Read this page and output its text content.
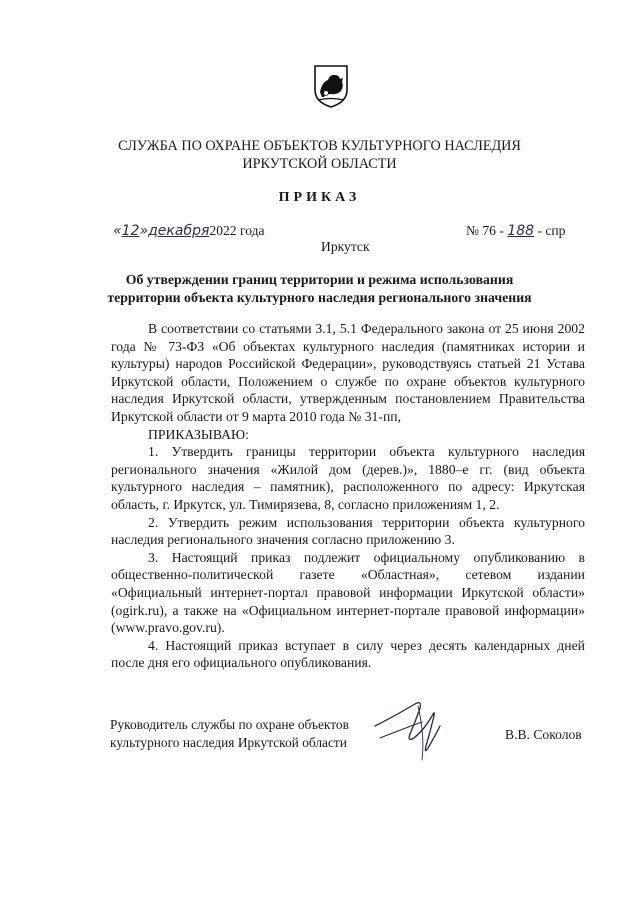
СЛУЖБА ПО ОХРАНЕ ОБЪЕКТОВ КУЛЬТУРНОГО НАСЛЕДИЯ
ИРКУТСКОЙ ОБЛАСТИ
ПРИКАЗ
«12»декабря2022 года	№ 76 - 188 - спр
Иркутск
Об утверждении границ территории и режима использования
территории объекта культурного наследия регионального значения

В соответствии со статьями 3.1, 5.1 Федерального закона от 25 июня 2002 года № 73-ФЗ «Об объектах культурного наследия (памятниках истории и культуры) народов Российской Федерации», руководствуясь статьей 21 Устава Иркутской области, Положением о службе по охране объектов культурного наследия Иркутской области, утвержденным постановлением Правительства Иркутской области от 9 марта 2010 года № 31-пп,

ПРИКАЗЫВАЮ:

1. Утвердить границы территории объекта культурного наследия регионального значения «Жилой дом (дерев.)», 1880–е гг. (вид объекта культурного наследия – памятник), расположенного по адресу: Иркутская область, г. Иркутск, ул. Тимирязева, 8, согласно приложениям 1, 2.

2. Утвердить режим использования территории объекта культурного наследия регионального значения согласно приложению 3.

3. Настоящий приказ подлежит официальному опубликованию в общественно-политической газете «Областная», сетевом издании «Официальный интернет-портал правовой информации Иркутской области» (ogirk.ru), а также на «Официальном интернет-портале правовой информации» (www.pravo.gov.ru).

4. Настоящий приказ вступает в силу через десять календарных дней после дня его официального опубликования.

Руководитель службы по охране объектов
культурного наследия Иркутской области
В.В. Соколов
